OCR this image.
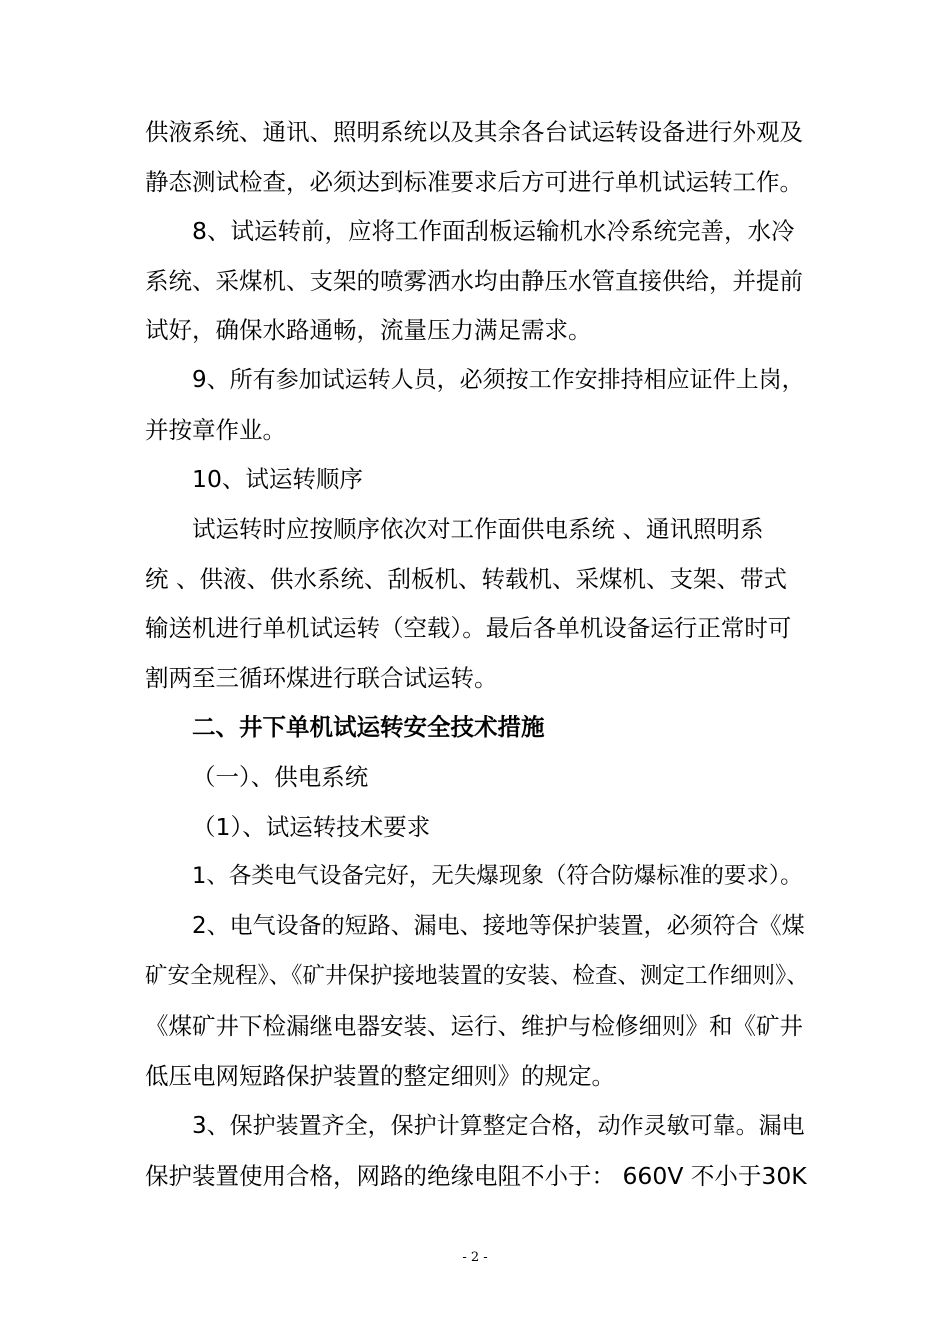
供液系统、通讯、照明系统以及其余各台试运转设备进行外观及
静态测试检查，必须达到标准要求后方可进行单机试运转工作。
8、试运转前，应将工作面刮板运输机水冷系统完善，水冷
系统、采煤机、支架的喷雾洒水均由静压水管直接供给，并提前
试好，确保水路通畅，流量压力满足需求。
9、所有参加试运转人员，必须按工作安排持相应证件上岗，
并按章作业。
10、试运转顺序
试运转时应按顺序依次对工作面供电系统 、通讯照明系
统 、供液、供水系统、刮板机、转载机、采煤机、支架、带式
输送机进行单机试运转（空载）。最后各单机设备运行正常时可
割两至三循环煤进行联合试运转。
二、井下单机试运转安全技术措施
（一）、供电系统
（1）、试运转技术要求
1、各类电气设备完好，无失爆现象（符合防爆标准的要求）。
2、电气设备的短路、漏电、接地等保护装置，必须符合《煤
矿安全规程》、《矿井保护接地装置的安装、检查、测定工作细则》、
《煤矿井下检漏继电器安装、运行、维护与检修细则》和《矿井
低压电网短路保护装置的整定细则》的规定。
3、保护装置齐全，保护计算整定合格，动作灵敏可靠。漏电
保护装置使用合格，网路的绝缘电阻不小于： 660V 不小于30K
- 2 -
